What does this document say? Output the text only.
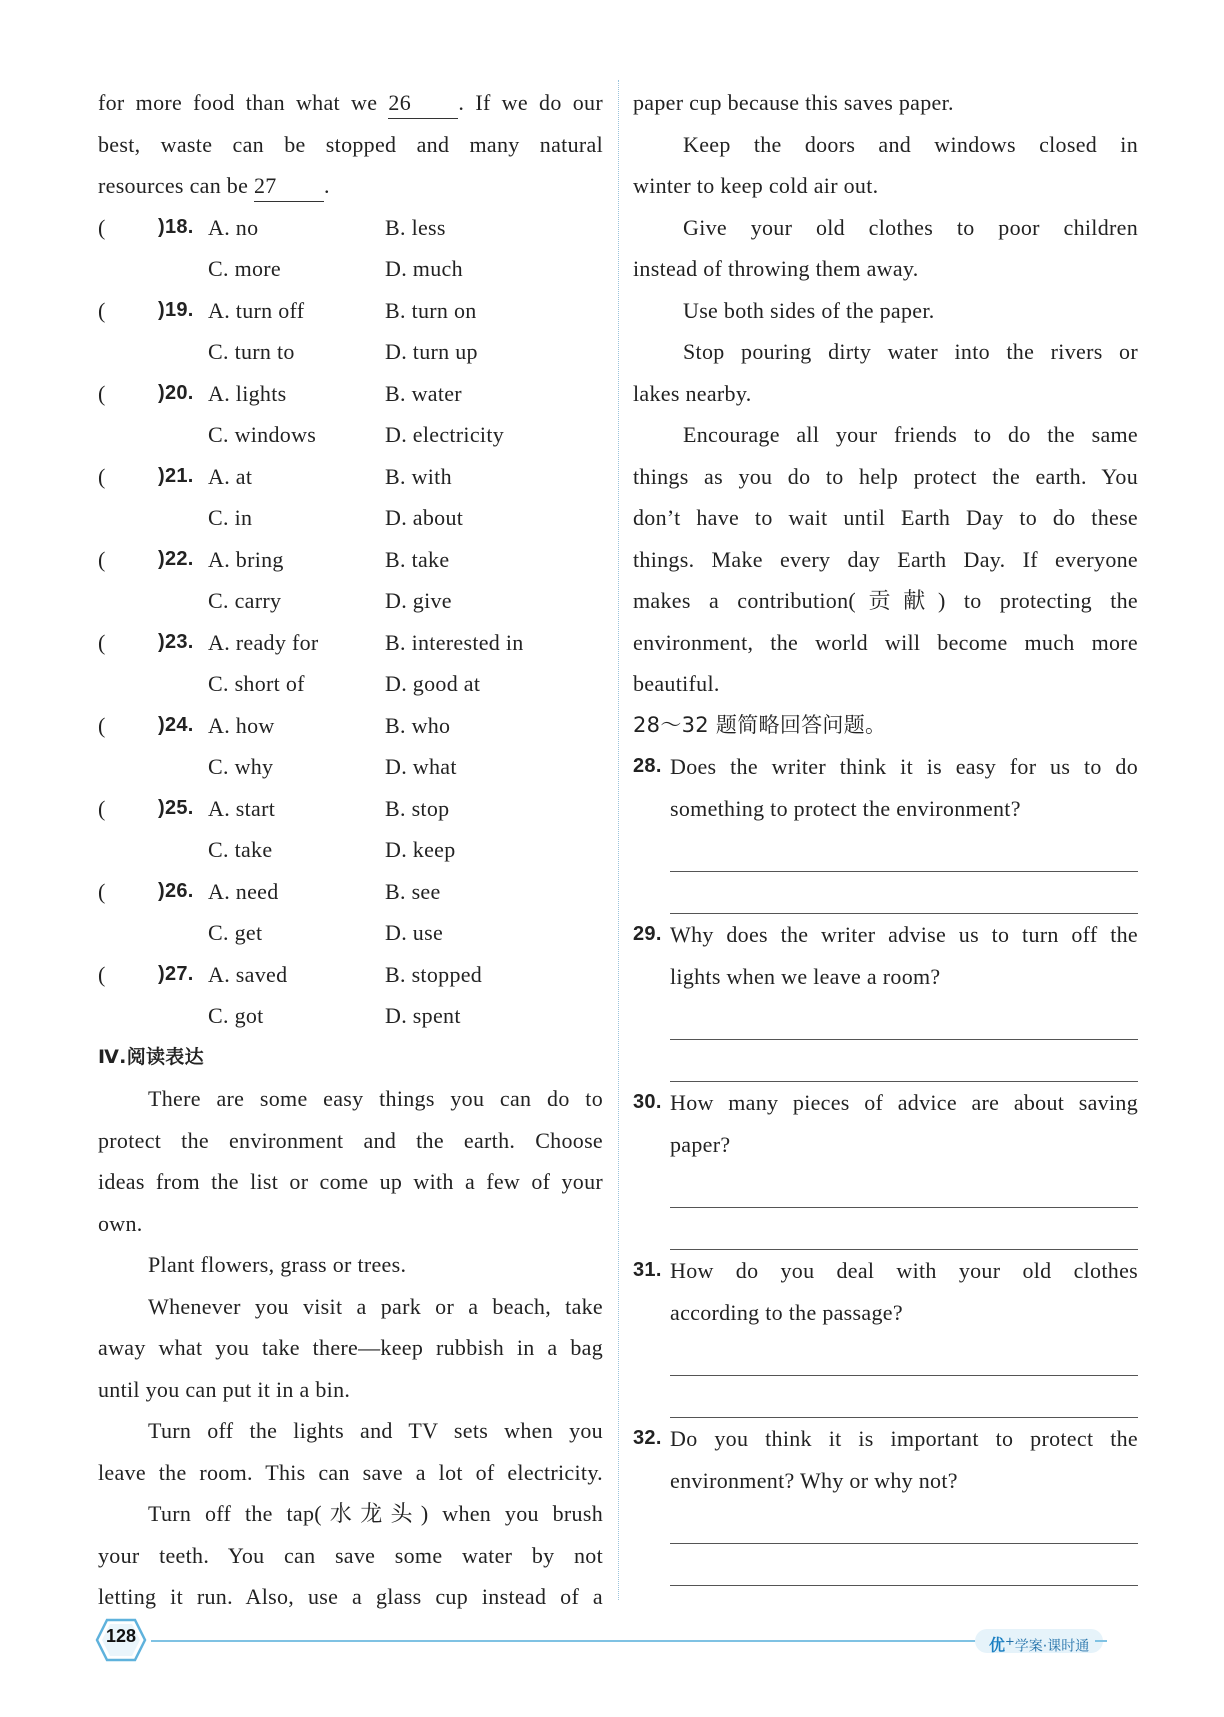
for more food than what we 26 . If we do our

best, waste can be stopped and many natural

resources can be 27 .

(	)18. A. no	B. less
C. more	D. much
(	)19. A. turn off	B. turn on
C. turn to	D. turn up
(	)20. A. lights	B. water
C. windows	D. electricity
(	)21. A. at	B. with
C. in	D. about
(	)22. A. bring	B. take
C. carry	D. give
(	)23. A. ready for	B. interested in
C. short of	D. good at
(	)24. A. how	B. who
C. why	D. what
(	)25. A. start	B. stop
C. take	D. keep
(	)26. A. need	B. see
C. get	D. use
(	)27. A. saved	B. stopped
C. got	D. spent

Ⅳ.阅读表达

There are some easy things you can do to

protect the environment and the earth. Choose

ideas from the list or come up with a few of your

own.

Plant flowers, grass or trees.

Whenever you visit a park or a beach, take

away what you take there—keep rubbish in a bag

until you can put it in a bin.

Turn off the lights and TV sets when you

leave the room. This can save a lot of electricity.

Turn off the tap(水龙头) when you brush

your teeth. You can save some water by not

letting it run. Also, use a glass cup instead of a

paper cup because this saves paper.

Keep the doors and windows closed in

winter to keep cold air out.

Give your old clothes to poor children

instead of throwing them away.

Use both sides of the paper.

Stop pouring dirty water into the rivers or

lakes nearby.

Encourage all your friends to do the same

things as you do to help protect the earth. You

don’t have to wait until Earth Day to do these

things. Make every day Earth Day. If everyone

makes a contribution(贡献) to protecting the

environment, the world will become much more

beautiful.

28～32 题简略回答问题。

28. Does the writer think it is easy for us to do
something to protect the environment?
29. Why does the writer advise us to turn off the
lights when we leave a room?
30. How many pieces of advice are about saving
paper?
31. How do you deal with your old clothes
according to the passage?
32. Do you think it is important to protect the
environment? Why or why not?
128	优+学案·课时通
